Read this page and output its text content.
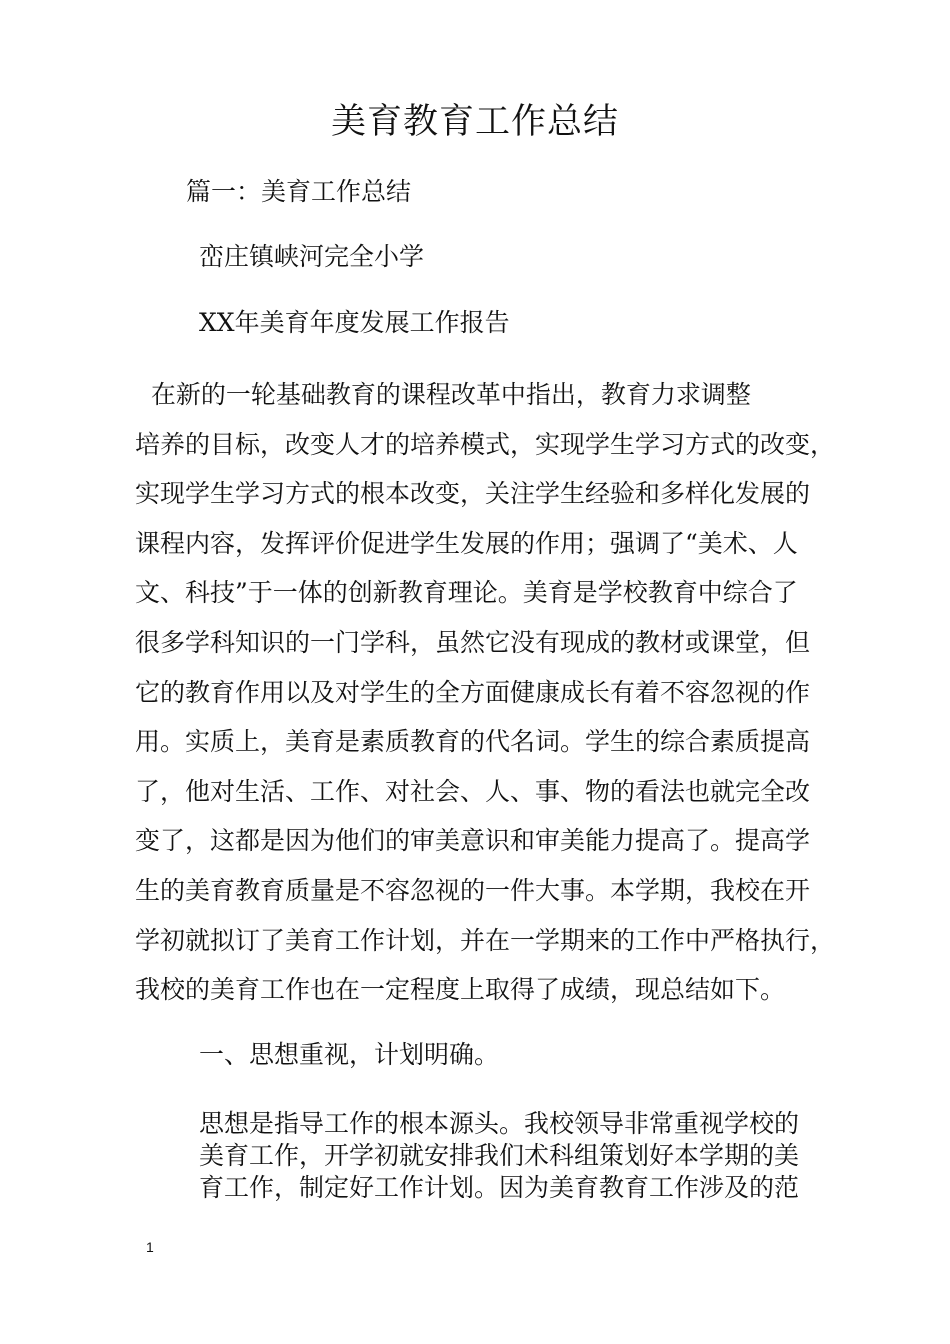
美育教育工作总结

篇一：美育工作总结

峦庄镇峡河完全小学

XX年美育年度发展工作报告

在新的一轮基础教育的课程改革中指出，教育力求调整
培养的目标，改变人才的培养模式，实现学生学习方式的改变，
实现学生学习方式的根本改变，关注学生经验和多样化发展的
课程内容，发挥评价促进学生发展的作用；强调了“美术、人
文、科技”于一体的创新教育理论。美育是学校教育中综合了
很多学科知识的一门学科，虽然它没有现成的教材或课堂，但
它的教育作用以及对学生的全方面健康成长有着不容忽视的作
用。实质上，美育是素质教育的代名词。学生的综合素质提高
了，他对生活、工作、对社会、人、事、物的看法也就完全改
变了，这都是因为他们的审美意识和审美能力提高了。提高学
生的美育教育质量是不容忽视的一件大事。本学期，我校在开
学初就拟订了美育工作计划，并在一学期来的工作中严格执行，
我校的美育工作也在一定程度上取得了成绩，现总结如下。

一、思想重视，计划明确。

思想是指导工作的根本源头。我校领导非常重视学校的
美育工作，开学初就安排我们术科组策划好本学期的美
育工作，制定好工作计划。因为美育教育工作涉及的范
1
